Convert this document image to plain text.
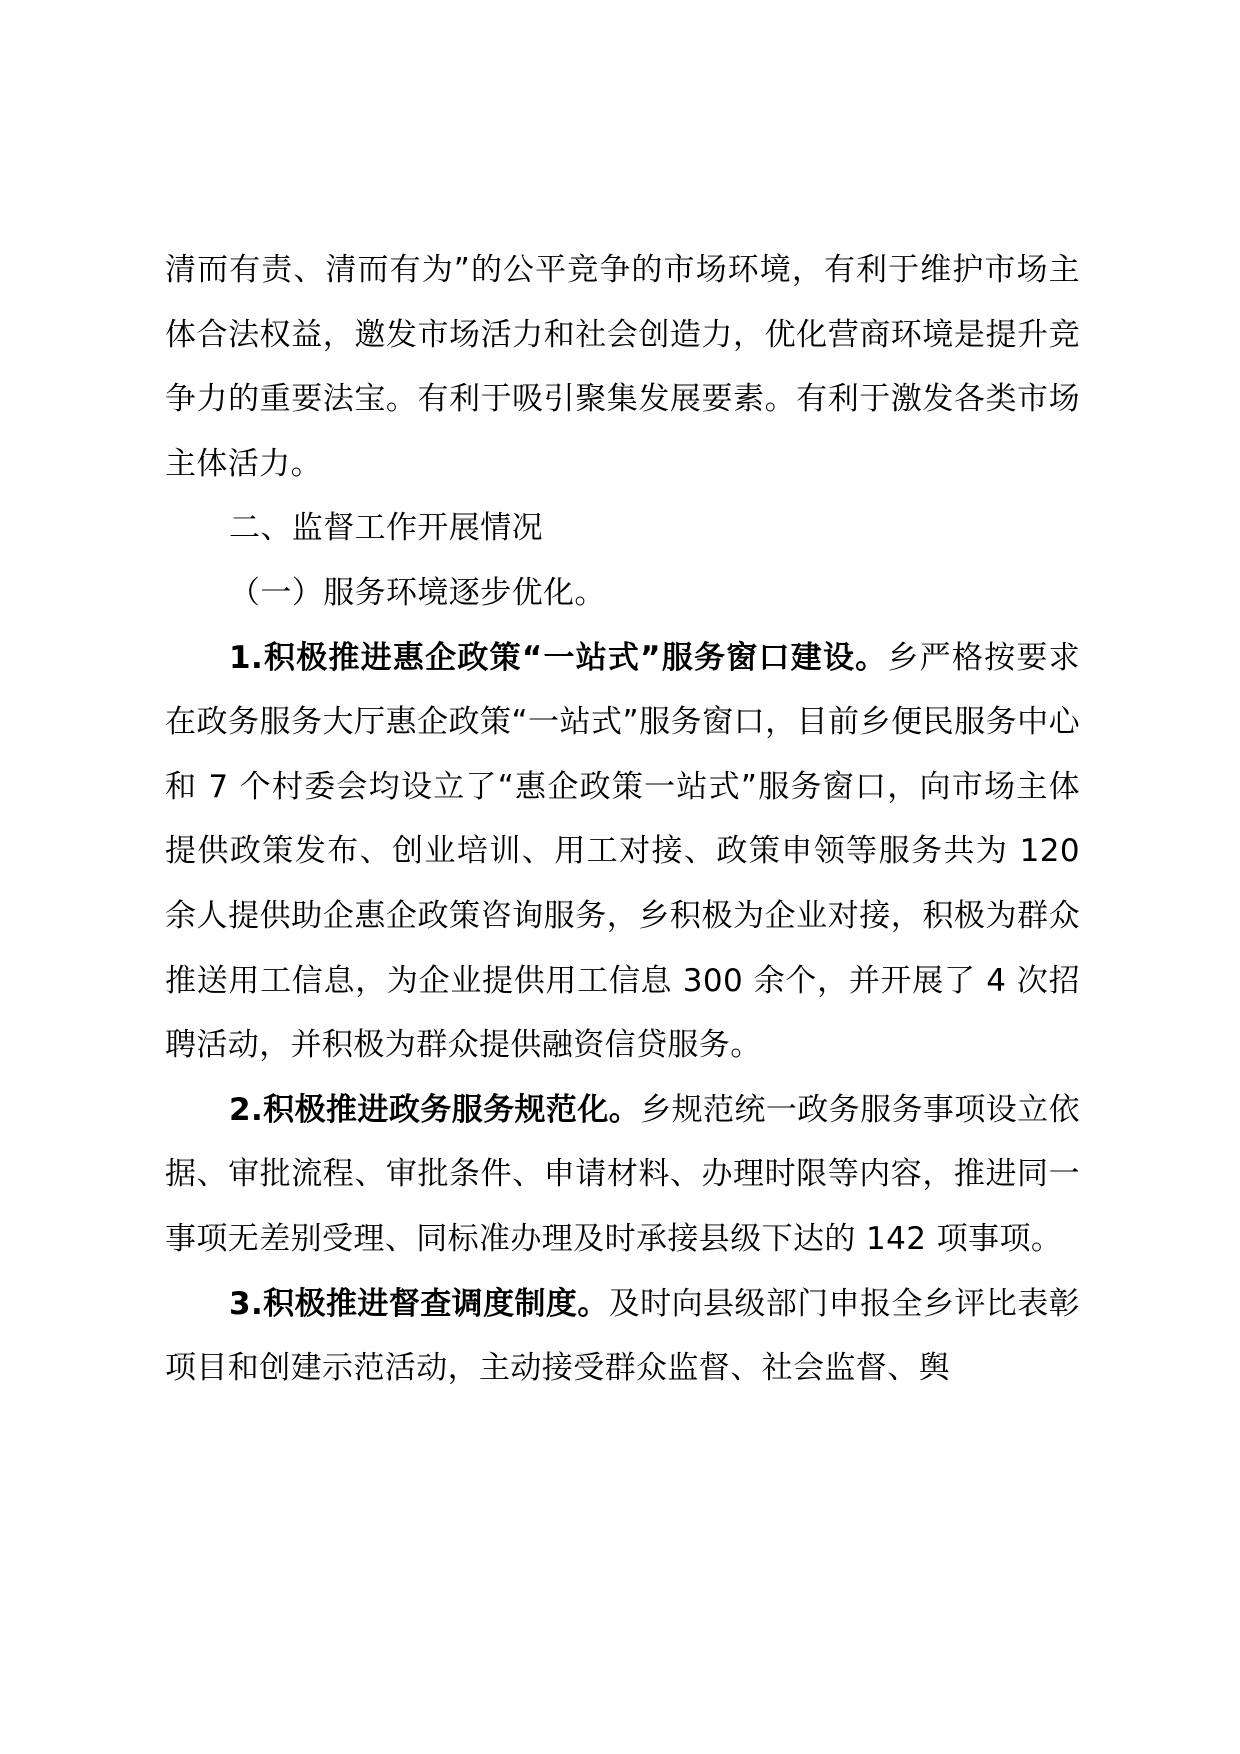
清而有责、清而有为”的公平竞争的市场环境，有利于维护市场主体合法权益，邀发市场活力和社会创造力，优化营商环境是提升竞争力的重要法宝。有利于吸引聚集发展要素。有利于激发各类市场主体活力。

二、监督工作开展情况

（一）服务环境逐步优化。

1.积极推进惠企政策“一站式”服务窗口建设。乡严格按要求在政务服务大厅惠企政策“一站式”服务窗口，目前乡便民服务中心和 7 个村委会均设立了“惠企政策一站式”服务窗口，向市场主体提供政策发布、创业培训、用工对接、政策申领等服务共为 120 余人提供助企惠企政策咨询服务，乡积极为企业对接，积极为群众推送用工信息，为企业提供用工信息 300 余个，并开展了 4 次招聘活动，并积极为群众提供融资信贷服务。

2.积极推进政务服务规范化。乡规范统一政务服务事项设立依据、审批流程、审批条件、申请材料、办理时限等内容，推进同一事项无差别受理、同标准办理及时承接县级下达的 142 项事项。

3.积极推进督查调度制度。及时向县级部门申报全乡评比表彰项目和创建示范活动，主动接受群众监督、社会监督、舆
